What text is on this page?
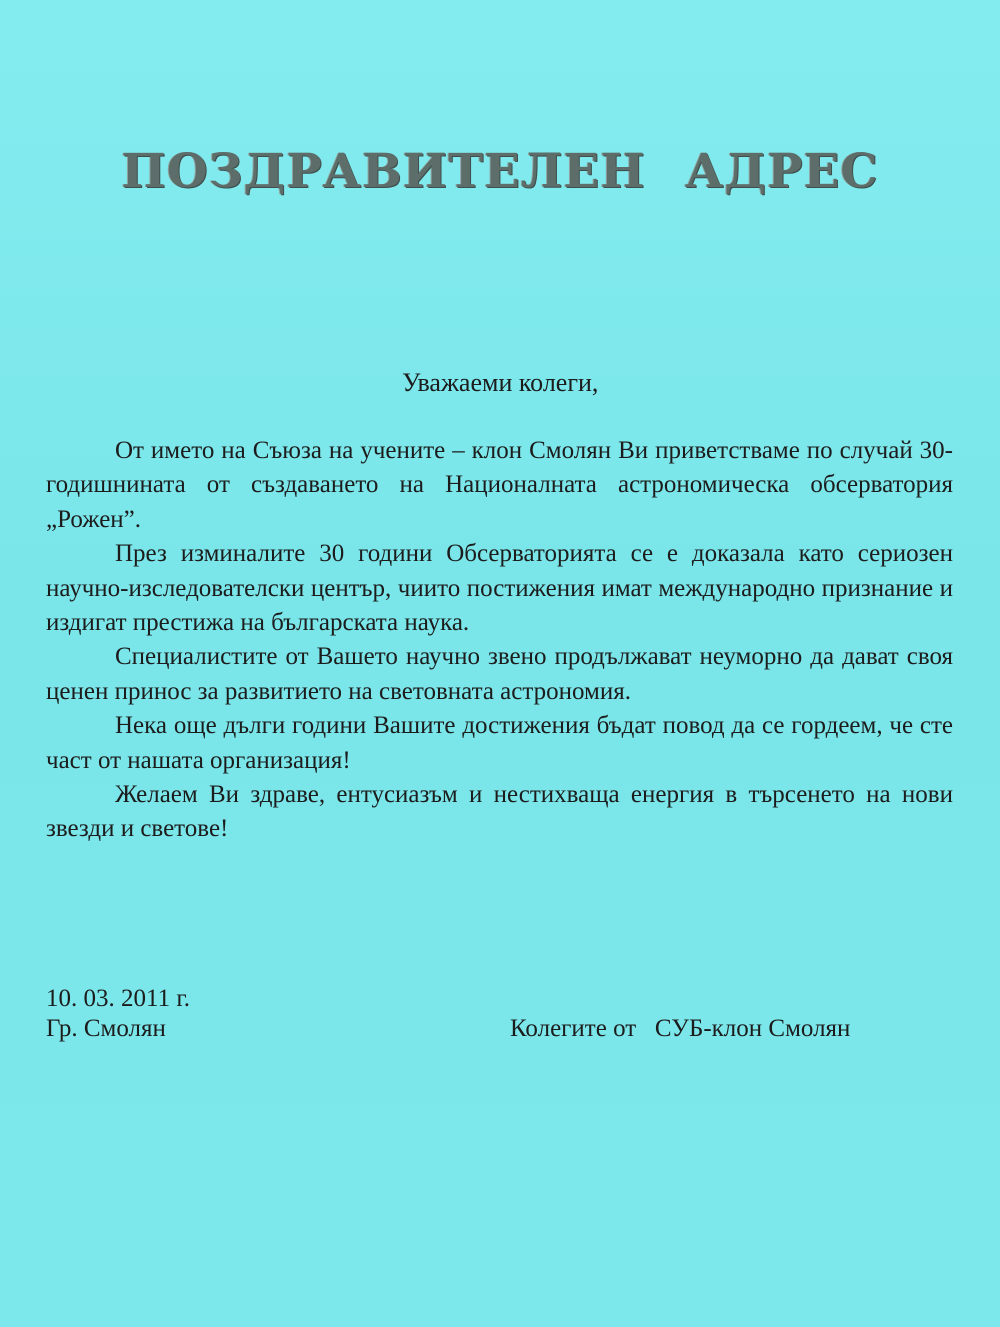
ПОЗДРАВИТЕЛЕН АДРЕС
Уважаеми колеги,

От името на Съюза на учените – клон Смолян Ви приветстваме по случай 30-годишнината от създаването на Националната астрономическа обсерватория „Рожен”.

През изминалите 30 години Обсерваторията се е доказала като сериозен научно-изследователски център, чиито постижения имат международно признание и издигат престижа на българската наука.

Специалистите от Вашето научно звено продължават неуморно да дават своя ценен принос за развитието на световната астрономия.

Нека още дълги години Вашите достижения бъдат повод да се гордеем, че сте част от нашата организация!

Желаем Ви здраве, ентусиазъм и нестихваща енергия в търсенето на нови звезди и светове!

10. 03. 2011 г.
Гр. Смолян	Колегите от   СУБ-клон Смолян
